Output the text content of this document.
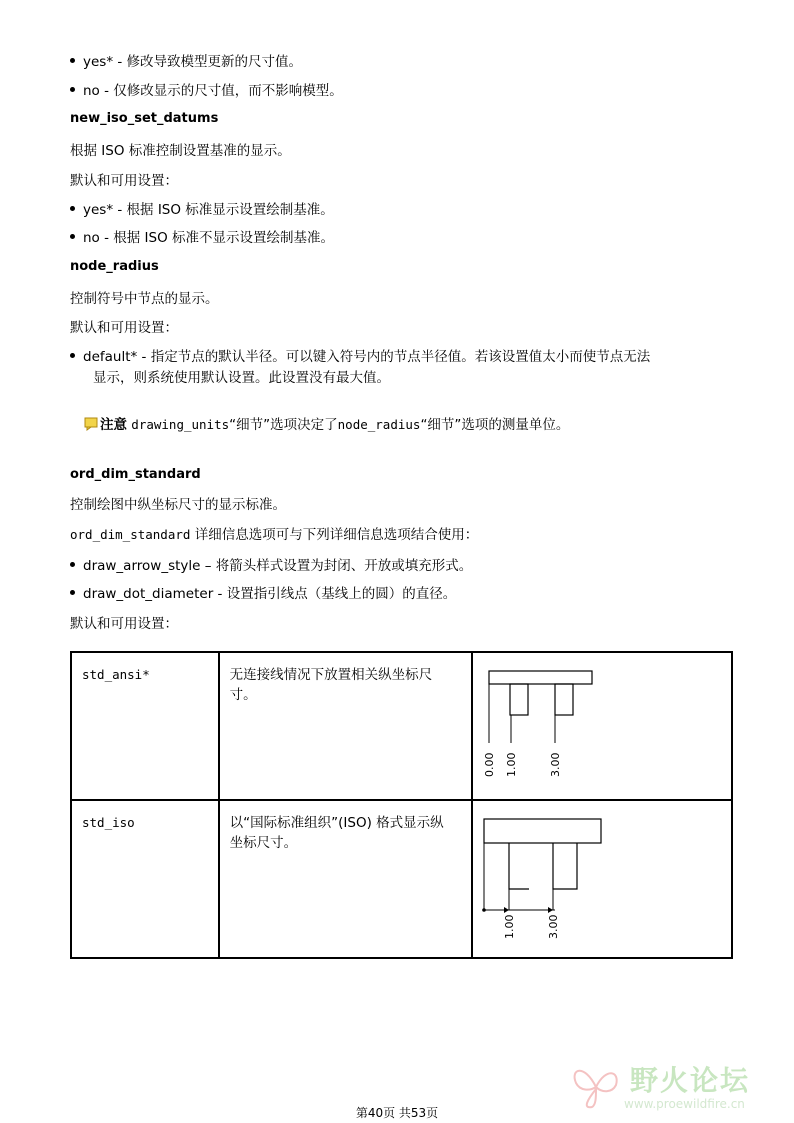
yes* - 修改导致模型更新的尺寸值。
no - 仅修改显示的尺寸值，而不影响模型。
new_iso_set_datums
根据 ISO 标准控制设置基准的显示。
默认和可用设置：
yes* - 根据 ISO 标准显示设置绘制基准。
no - 根据 ISO 标准不显示设置绘制基准。
node_radius
控制符号中节点的显示。
默认和可用设置：
default* - 指定节点的默认半径。可以键入符号内的节点半径值。若该设置值太小而使节点无法
显示，则系统使用默认设置。此设置没有最大值。
注意 drawing_units“细节”选项决定了node_radius“细节”选项的测量单位。
ord_dim_standard
控制绘图中纵坐标尺寸的显示标准。
ord_dim_standard 详细信息选项可与下列详细信息选项结合使用：
draw_arrow_style – 将箭头样式设置为封闭、开放或填充形式。
draw_dot_diameter - 设置指引线点（基线上的圆）的直径。
默认和可用设置：
std_ansi*	无连接线情况下放置相关纵坐标尺寸。	0.00 1.00 3.00

std_iso	以“国际标准组织”(ISO) 格式显示纵坐标尺寸。	1.00 3.00
野火论坛
www.proewildfire.cn
第40页 共53页
